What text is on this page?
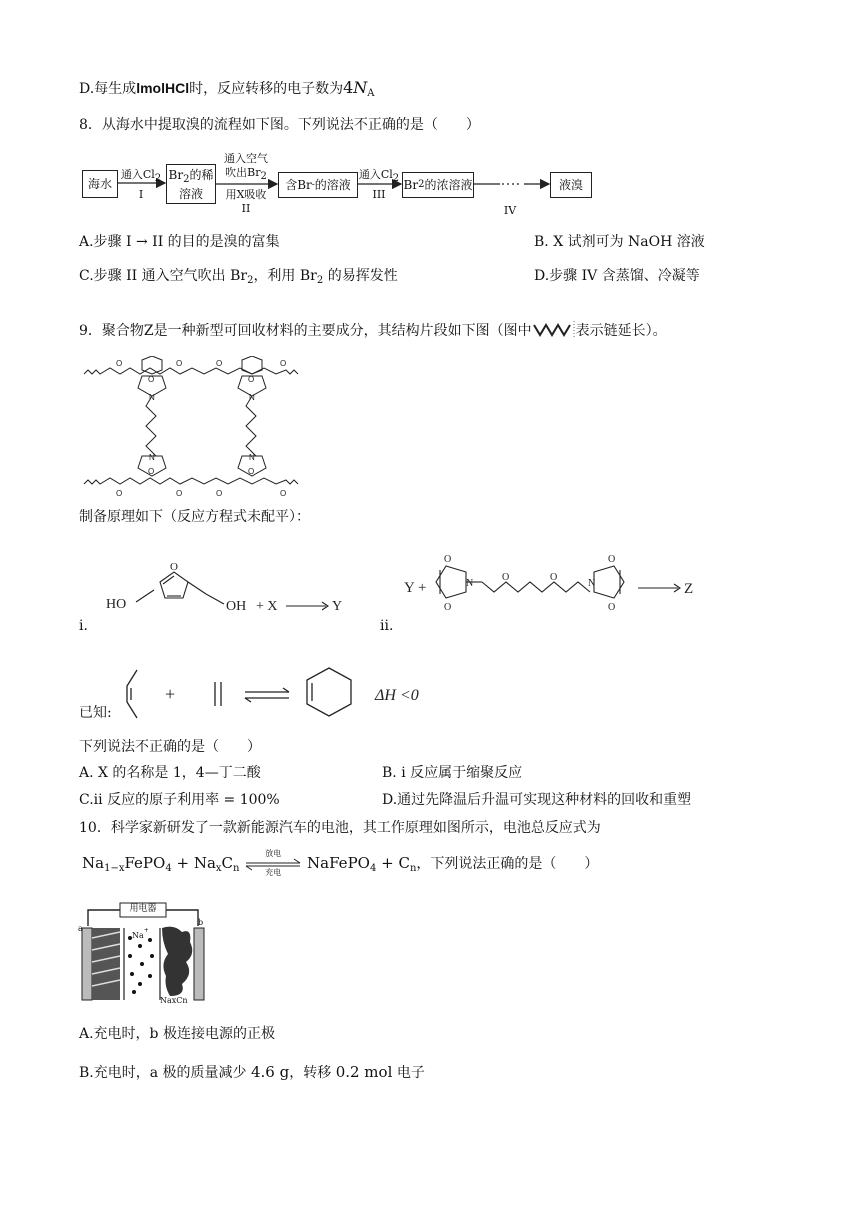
D.每生成lmolHCl时，反应转移的电子数为$4N_A$
8．从海水中提取溴的流程如下图。下列说法不正确的是（　　）
海水
$Br_2$的稀
溶液
含Br - 的溶液	Br 2 的浓溶液	液溴
通入Cl2
I
通入空气
吹出Br2
用X吸收
II
通入Cl2
III
IV
A.步骤 I → II 的目的是溴的富集	B. X 试剂可为 NaOH 溶液
C.步骤 II 通入空气吹出 $Br_2$，利用 $Br_2$ 的易挥发性	D.步骤 IV 含蒸馏、冷凝等
9．聚合物Z是一种新型可回收材料的主要成分，其结构片段如下图（图中	表示链延长）。
O	O
N	N
N	N
O	O
O	O	O	O
O	O	O	O
制备原理如下（反应方程式未配平）：
i.
HO
O
OH + X	Y
ii.
O
O
N
O	O
N
O
O
Y +	Z
已知:
+	ΔH <0
下列说法不正确的是（　　）
A. X 的名称是 1，4—丁二酸	B. i 反应属于缩聚反应
C.ii 反应的原子利用率 = 100%	D.通过先降温后升温可实现这种材料的回收和重塑
10．科学家新研发了一款新能源汽车的电池，其工作原理如图所示，电池总反应式为
$Na_{1-x}FePO_4 + Na_xC_n$
放电
充电
NaFePO$_4$ + $C_n$，下列说法正确的是（　　）
用电器
a
b
Na+
NaxCn
A.充电时，b 极连接电源的正极
B.充电时，a 极的质量减少 4.6 g，转移 0.2 mol 电子
